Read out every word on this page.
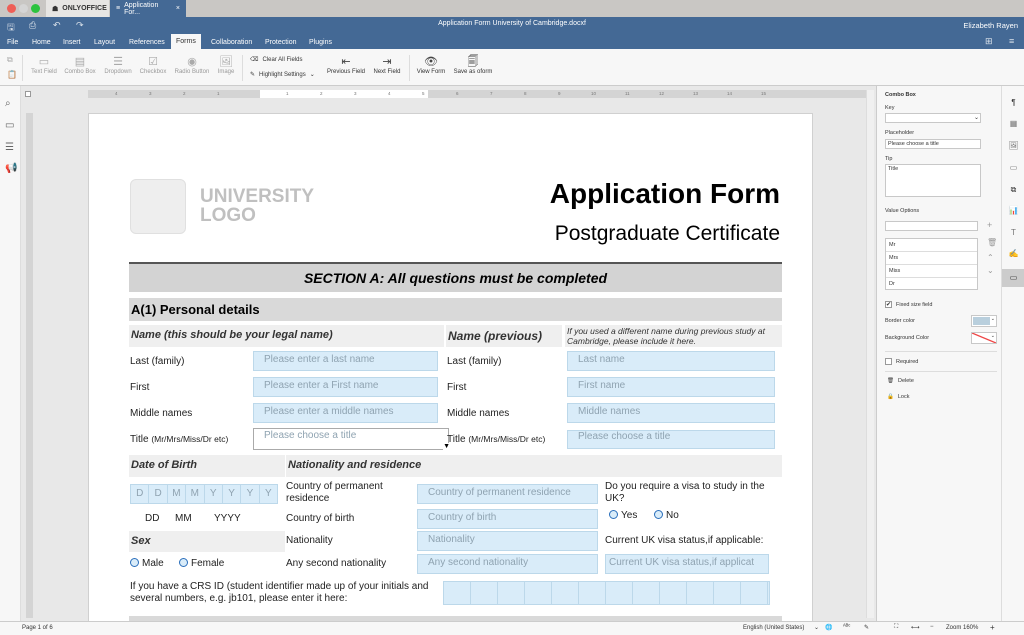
☗ ONLYOFFICE ≡ Application For...	×
🖫 ⎙ ↶ ↷	Application Form University of Cambridge.docxf	Elizabeth Rayen
⊞ ≡
File	Home	Insert	Layout	References	Forms	Collaboration	Protection	Plugins
⧉
📋
▭
Text Field
▤
Combo Box
☰
Dropdown
☑
Checkbox
◉
Radio Button
🖼
Image
⌫ Clear All Fields
✎ Highlight Settings ⌄
⇤
Previous Field
⇥
Next Field
👁
View Form
🗐
Save as oform
⌕
▭
☰
📢
4	3	2	1	1	2	3	4	5	6	7	8	9	10	11	12	13	14	15
UNIVERSITY
LOGO
Application Form
Postgraduate Certificate
SECTION A: All questions must be completed
A(1) Personal details
Name (this should be your legal name)	Name (previous)	If you used a different name during previous study at Cambridge, please include it here.
Last (family)	Please enter a last name	Last (family)	Last name
First	Please enter a First name	First	First name
Middle names	Please enter a middle names	Middle names	Middle names
Title (Mr/Mrs/Miss/Dr etc)	Please choose a title
▼
Title (Mr/Mrs/Miss/Dr etc)	Please choose a title
Date of Birth	Nationality and residence
D	D	M	M	Y	Y	Y	Y
DD MM YYYY
Country of permanent residence
Country of permanent residence
Country of birth	Country of birth
Nationality	Nationality
Any second nationality	Any second nationality
Do you require a visa to study in the UK?
Yes	No
Current UK visa status,if applicable:
Current UK visa status,if applicat
Sex
Male	Female
If you have a CRS ID (student identifier made up of your initials and several numbers, e.g. jb101, please enter it here:
Combo Box
Key
⌄
Placeholder
Please choose a title
Tip
Title
Value Options
+
Mr
Mrs
Miss
Dr
🗑
⌃
⌄
✔ Fixed size field
Border color	⌄
Background Color	⌄
Required
🗑 Delete
🔒 Lock
¶
▦
🖼
▭
⧉
📊
T
✍
▭
Page 1 of 6	English (United States) ⌄ 🌐 ᴬᴮᶜ ✎	⛶ ⟷ − Zoom 160% +
